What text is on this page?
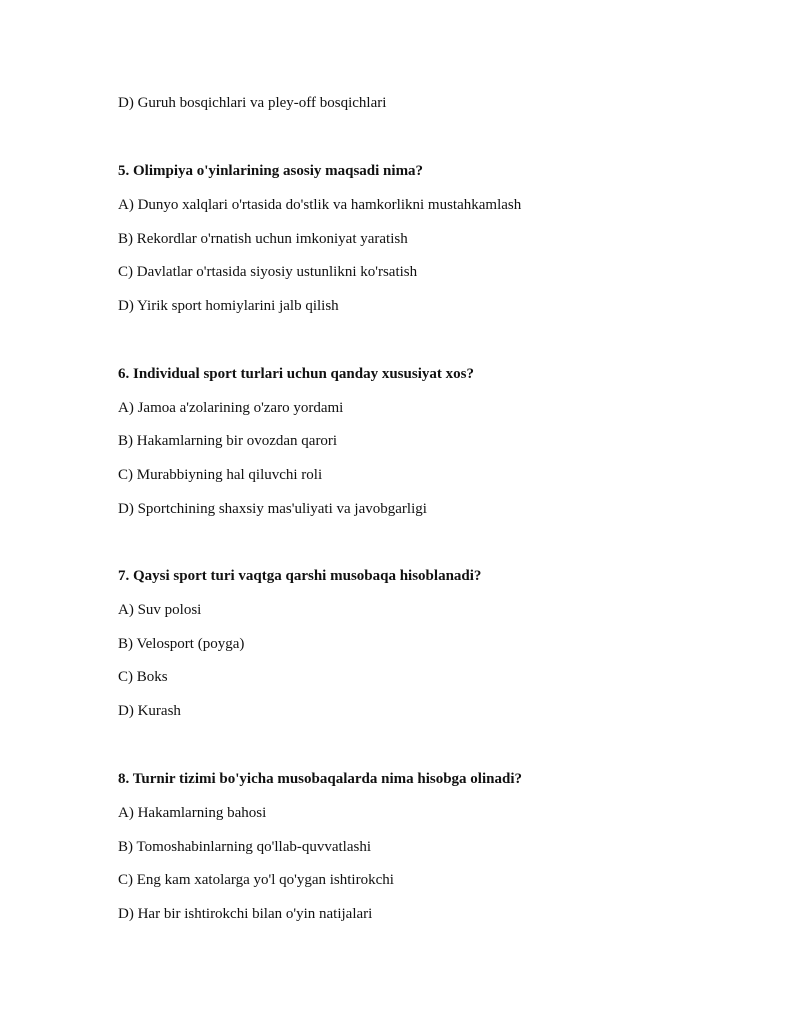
D) Guruh bosqichlari va pley-off bosqichlari
5. Olimpiya o'yinlarining asosiy maqsadi nima?
A) Dunyo xalqlari o'rtasida do'stlik va hamkorlikni mustahkamlash
B) Rekordlar o'rnatish uchun imkoniyat yaratish
C) Davlatlar o'rtasida siyosiy ustunlikni ko'rsatish
D) Yirik sport homiylarini jalb qilish
6. Individual sport turlari uchun qanday xususiyat xos?
A) Jamoa a'zolarining o'zaro yordami
B) Hakamlarning bir ovozdan qarori
C) Murabbiyning hal qiluvchi roli
D) Sportchining shaxsiy mas'uliyati va javobgarligi
7. Qaysi sport turi vaqtga qarshi musobaqa hisoblanadi?
A) Suv polosi
B) Velosport (poyga)
C) Boks
D) Kurash
8. Turnir tizimi bo'yicha musobaqalarda nima hisobga olinadi?
A) Hakamlarning bahosi
B) Tomoshabinlarning qo'llab-quvvatlashi
C) Eng kam xatolarga yo'l qo'ygan ishtirokchi
D) Har bir ishtirokchi bilan o'yin natijalari
